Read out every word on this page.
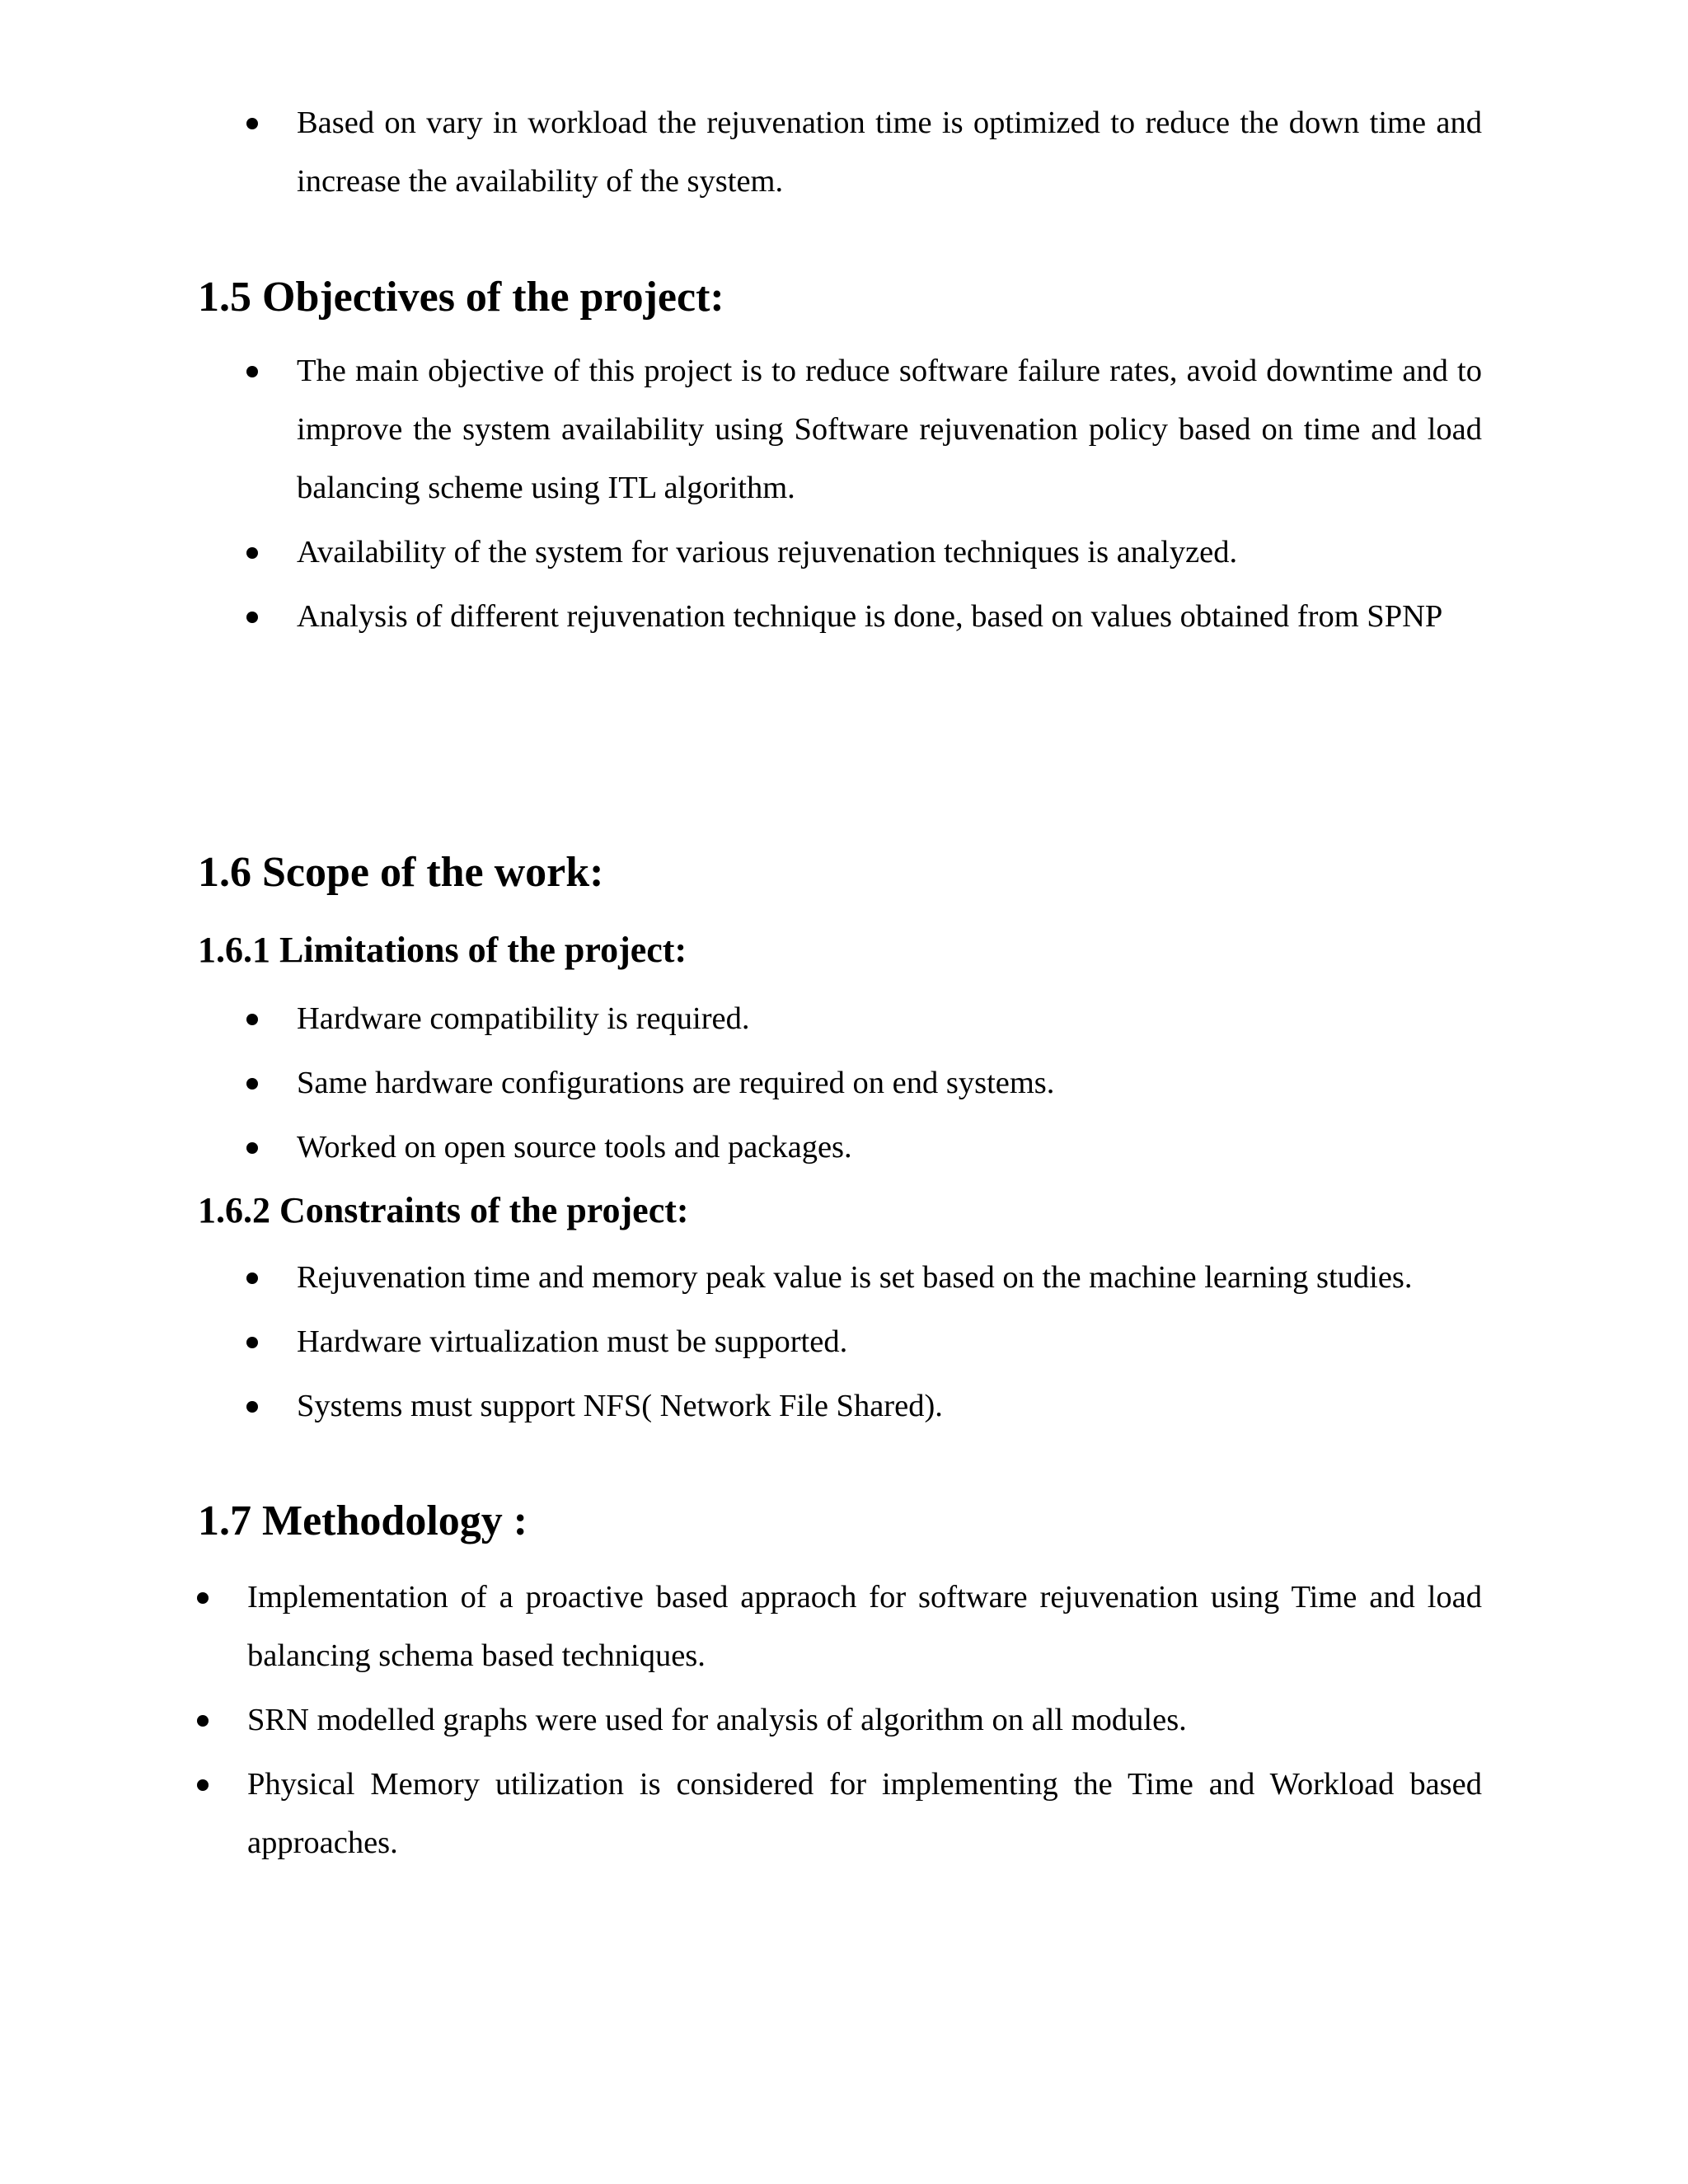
Based on vary in workload the rejuvenation time is optimized to reduce the down time and increase the availability of the system.
1.5 Objectives of the project:
The main objective of this project is to reduce software failure rates, avoid downtime and to improve the system availability using Software rejuvenation policy based on time and load balancing scheme using ITL algorithm.
Availability of the system for various rejuvenation techniques is analyzed.
Analysis of different rejuvenation technique is done, based on values obtained from SPNP
1.6 Scope of the work:
1.6.1 Limitations of the project:
Hardware compatibility is required.
Same hardware configurations are required on end systems.
Worked on open source tools and packages.
1.6.2 Constraints of the project:
Rejuvenation time and memory peak value is set based on the machine learning studies.
Hardware virtualization must be supported.
Systems must support NFS( Network File Shared).
1.7 Methodology :
Implementation of a proactive based appraoch for software rejuvenation using Time and load balancing schema based techniques.
SRN modelled graphs were used for analysis of algorithm on all modules.
Physical Memory utilization is considered for implementing the Time and Workload based approaches.
